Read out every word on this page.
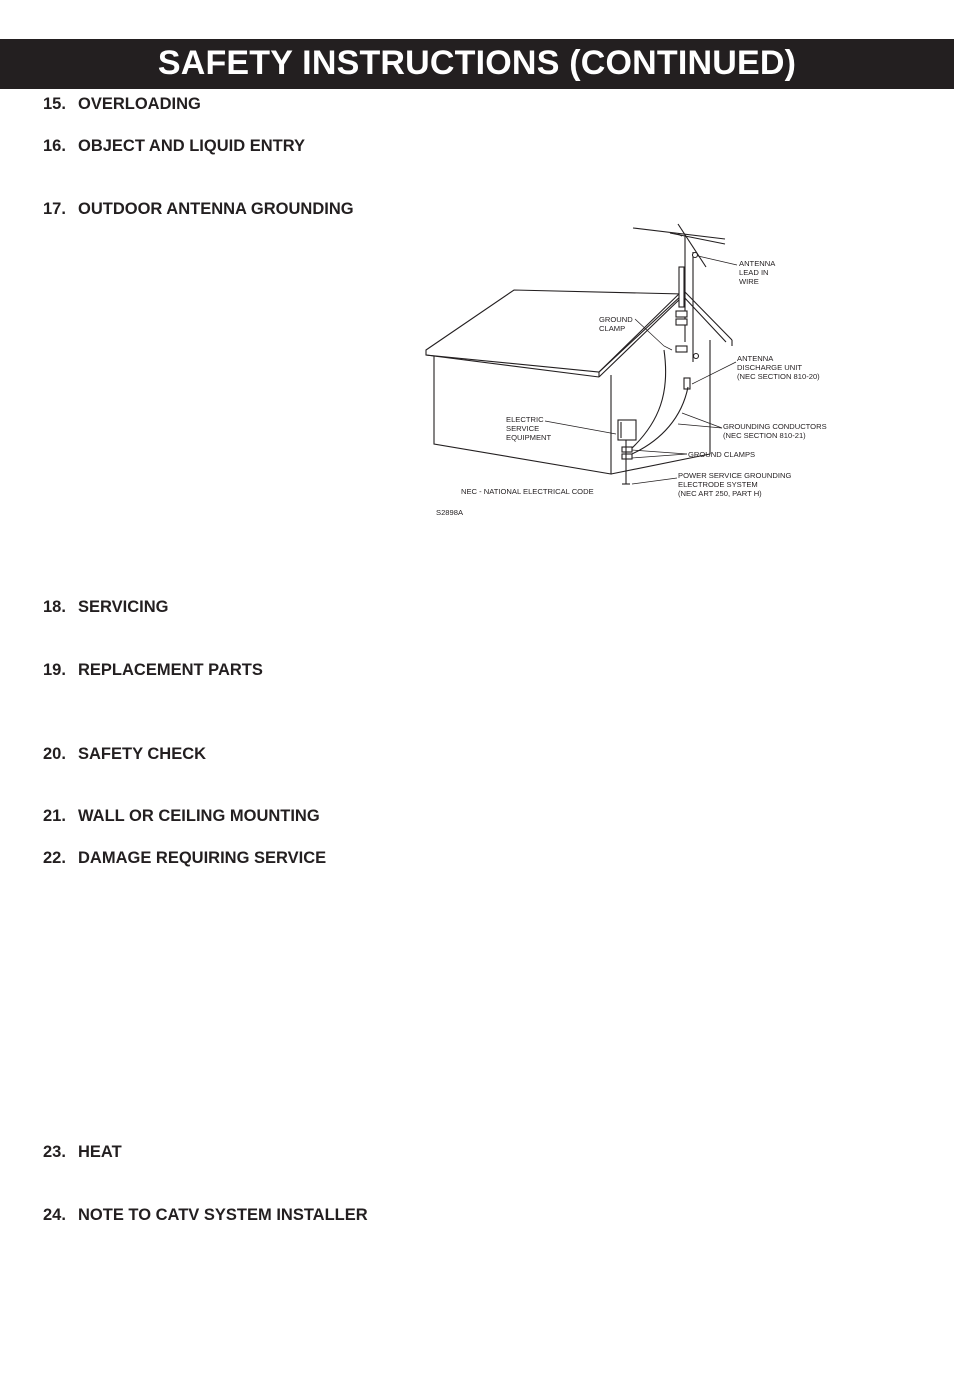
SAFETY INSTRUCTIONS (CONTINUED)
15. OVERLOADING
16. OBJECT AND LIQUID ENTRY
17. OUTDOOR ANTENNA GROUNDING
18. SERVICING
19. REPLACEMENT PARTS
20. SAFETY CHECK
21. WALL OR CEILING MOUNTING
22. DAMAGE REQUIRING SERVICE
23. HEAT
24. NOTE TO CATV SYSTEM INSTALLER
ANTENNA
LEAD IN
WIRE
GROUND
CLAMP
ANTENNA
DISCHARGE UNIT
(NEC SECTION 810-20)
ELECTRIC
SERVICE
EQUIPMENT
GROUNDING CONDUCTORS
(NEC SECTION 810-21)
GROUND CLAMPS
POWER SERVICE GROUNDING
ELECTRODE SYSTEM
(NEC ART 250, PART H)
NEC - NATIONAL ELECTRICAL CODE
S2898A
